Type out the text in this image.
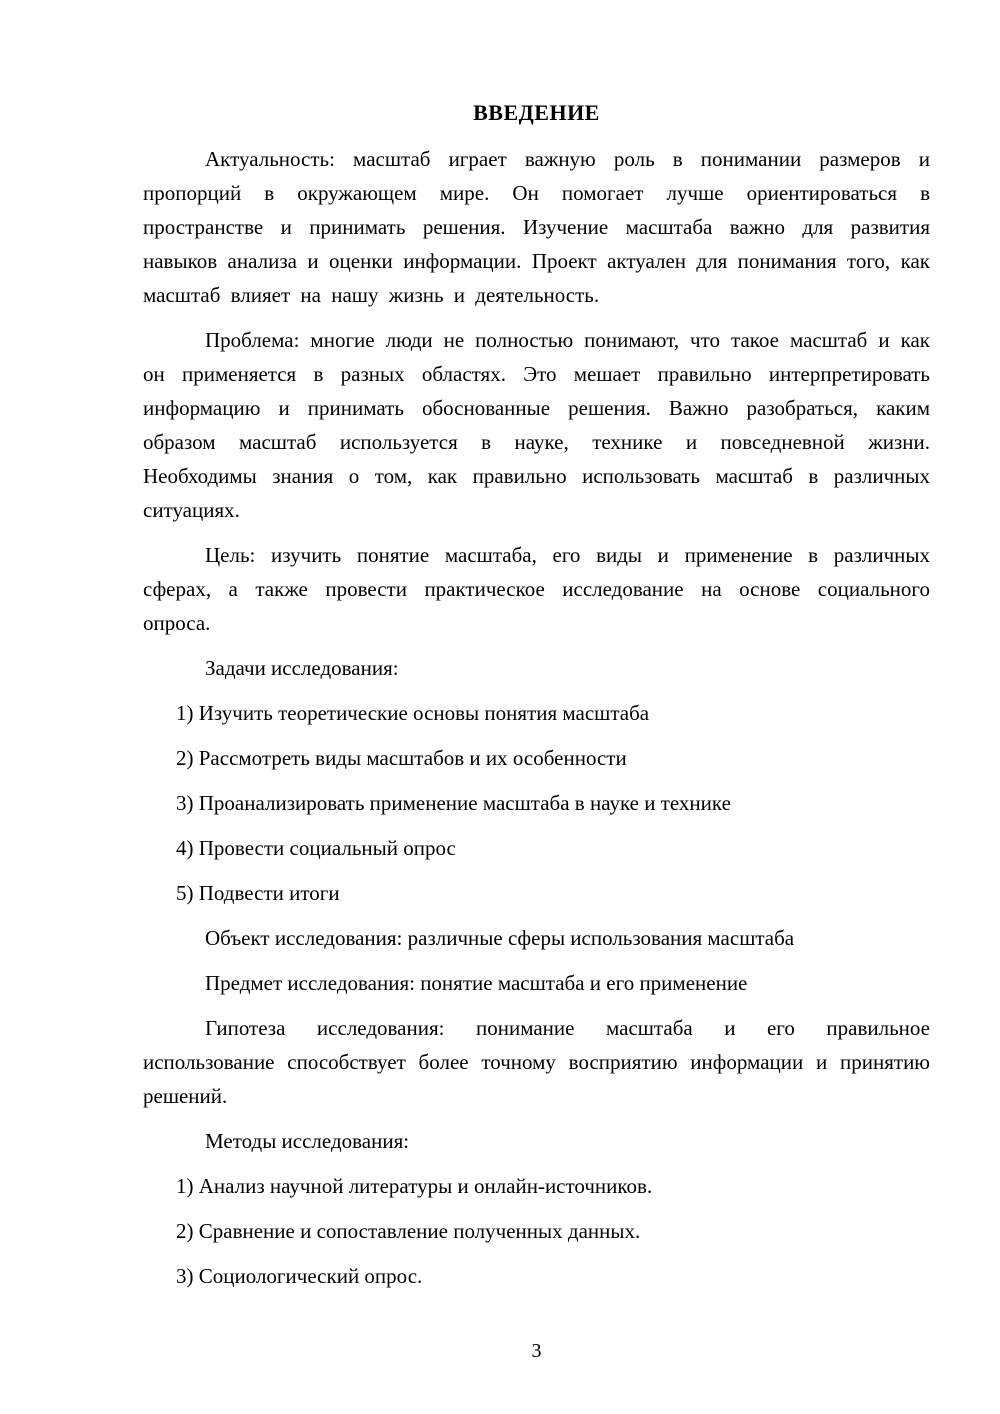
ВВЕДЕНИЕ

Актуальность: масштаб играет важную роль в понимании размеров и пропорций в окружающем мире. Он помогает лучше ориентироваться в пространстве и принимать решения. Изучение масштаба важно для развития навыков анализа и оценки информации. Проект актуален для понимания того, как масштаб влияет на нашу жизнь и деятельность.

Проблема: многие люди не полностью понимают, что такое масштаб и как он применяется в разных областях. Это мешает правильно интерпретировать информацию и принимать обоснованные решения. Важно разобраться, каким образом масштаб используется в науке, технике и повседневной жизни. Необходимы знания о том, как правильно использовать масштаб в различных ситуациях.

Цель: изучить понятие масштаба, его виды и применение в различных сферах, а также провести практическое исследование на основе социального опроса.

Задачи исследования:

1) Изучить теоретические основы понятия масштаба

2) Рассмотреть виды масштабов и их особенности

3) Проанализировать применение масштаба в науке и технике

4) Провести социальный опрос

5) Подвести итоги

Объект исследования: различные сферы использования масштаба

Предмет исследования: понятие масштаба и его применение

Гипотеза исследования: понимание масштаба и его правильное использование способствует более точному восприятию информации и принятию решений.

Методы исследования:

1) Анализ научной литературы и онлайн-источников.

2) Сравнение и сопоставление полученных данных.

3) Социологический опрос.

3
